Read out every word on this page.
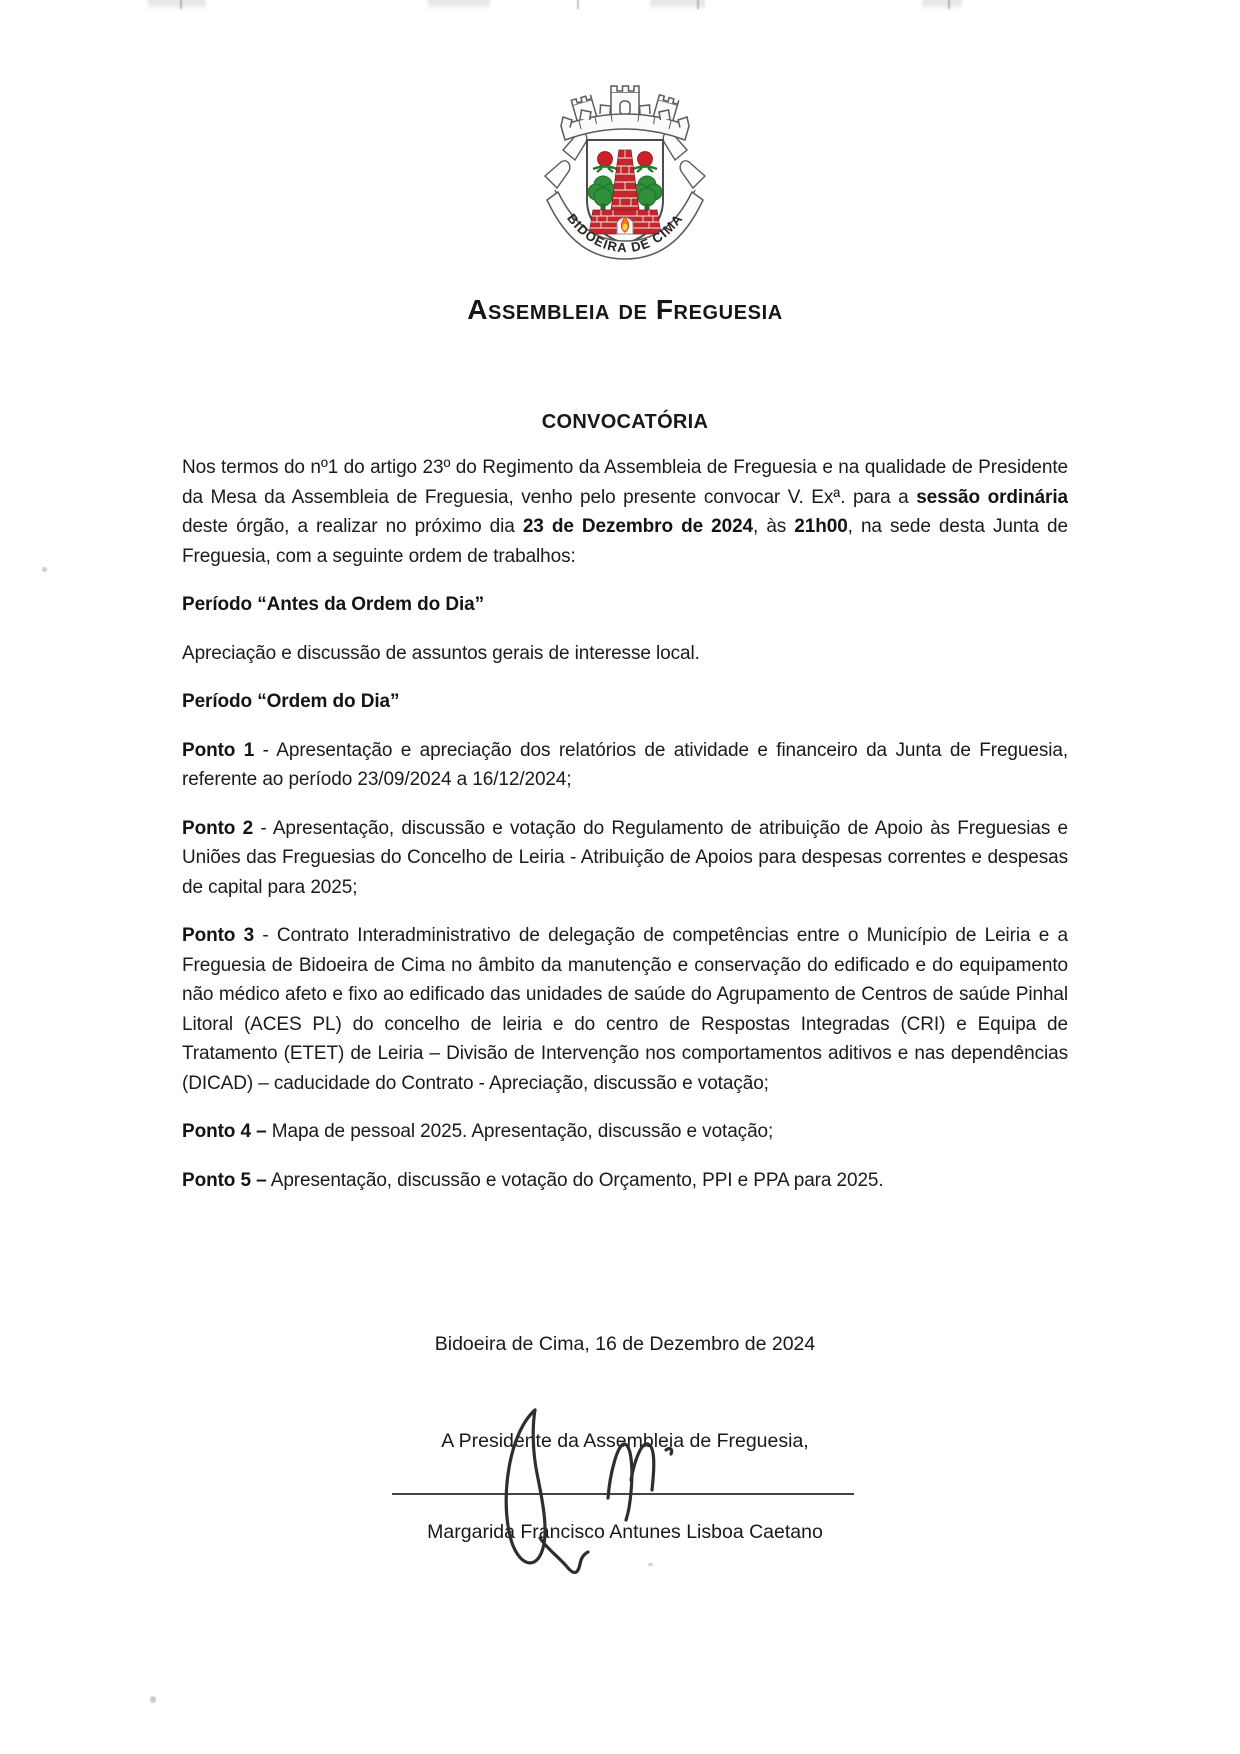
BIDOEIRA DE CIMA
Assembleia de Freguesia
CONVOCATÓRIA

Nos termos do nº1 do artigo 23º do Regimento da Assembleia de Freguesia e na qualidade de Presidente da Mesa da Assembleia de Freguesia, venho pelo presente convocar V. Exª. para a sessão ordinária deste órgão, a realizar no próximo dia 23 de Dezembro de 2024, às 21h00, na sede desta Junta de Freguesia, com a seguinte ordem de trabalhos:

Período “Antes da Ordem do Dia”

Apreciação e discussão de assuntos gerais de interesse local.

Período “Ordem do Dia”

Ponto 1 - Apresentação e apreciação dos relatórios de atividade e financeiro da Junta de Freguesia, referente ao período 23/09/2024 a 16/12/2024;

Ponto 2 - Apresentação, discussão e votação do Regulamento de atribuição de Apoio às Freguesias e Uniões das Freguesias do Concelho de Leiria - Atribuição de Apoios para despesas correntes e despesas de capital para 2025;

Ponto 3 - Contrato Interadministrativo de delegação de competências entre o Município de Leiria e a Freguesia de Bidoeira de Cima no âmbito da manutenção e conservação do edificado e do equipamento não médico afeto e fixo ao edificado das unidades de saúde do Agrupamento de Centros de saúde Pinhal Litoral (ACES PL) do concelho de leiria e do centro de Respostas Integradas (CRI) e Equipa de Tratamento (ETET) de Leiria – Divisão de Intervenção nos comportamentos aditivos e nas dependências (DICAD) – caducidade do Contrato - Apreciação, discussão e votação;

Ponto 4 – Mapa de pessoal 2025. Apresentação, discussão e votação;

Ponto 5 – Apresentação, discussão e votação do Orçamento, PPI e PPA para 2025.

Bidoeira de Cima, 16 de Dezembro de 2024
A Presidente da Assembleia de Freguesia,
Margarida Francisco Antunes Lisboa Caetano
